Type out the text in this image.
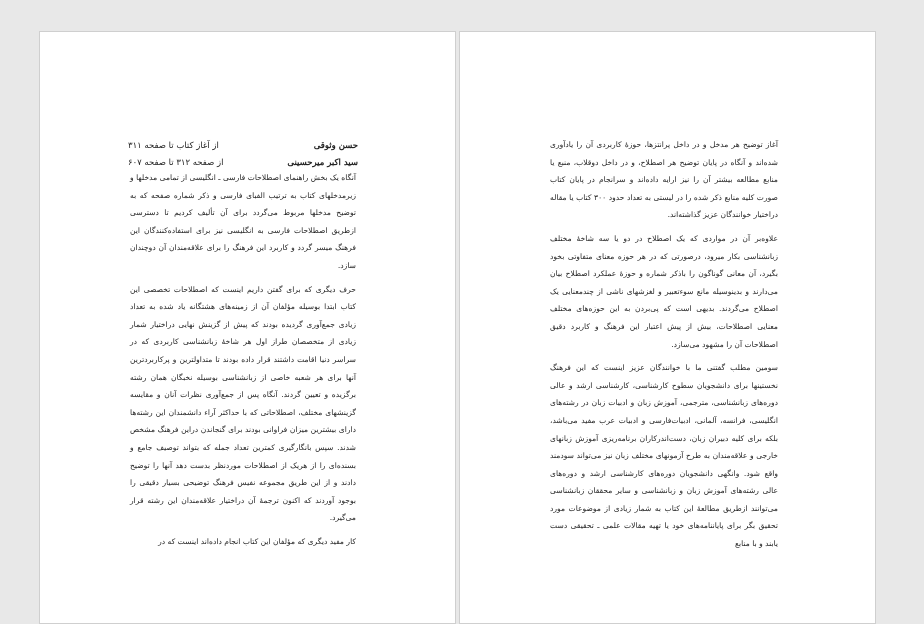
حسن وثوقی
از آغاز کتاب تا صفحه ۳۱۱
سید اکبر میرحسینی
از صفحه ۳۱۲ تا صفحه ۶۰۷

آنگاه یک بخش راهنمای اصطلاحات فارسی ـ انگلیسی از تمامی مدخلها و زیرمدخلهای کتاب به ترتیب الفبای فارسی و ذکر شماره صفحه که به توضیح مدخلها مربوط می‌گردد برای آن تألیف کردیم تا دسترسی ازطریق اصطلاحات فارسی به انگلیسی نیز برای استفاده‌کنندگان این فرهنگ میسر گردد و کاربرد این فرهنگ را برای علاقه‌مندان آن دوچندان سازد.

حرف دیگری که برای گفتن داریم اینست که اصطلاحات تخصصی این کتاب ابتدا بوسیله مؤلفان آن از زمینه‌های هشتگانه یاد شده به تعداد زیادی جمع‌آوری گردیده بودند که پیش از گزینش نهایی دراختیار شمار زیادی از متخصصان طراز اول هر شاخهٔ زبانشناسی کاربردی که در سراسر دنیا اقامت داشتند قرار داده بودند تا متداولترین و پرکاربردترین آنها برای هر شعبه خاصی از زبانشناسی بوسیله نخبگان همان رشته برگزیده و تعیین گردند. آنگاه پس از جمع‌آوری نظرات آنان و مقایسه گزینشهای مختلف، اصطلاحاتی که با حداکثر آراء دانشمندان این رشته‌ها دارای بیشترین میزان فراوانی بودند برای گنجاندن دراین فرهنگ مشخص شدند. سپس بانگارگیری کمترین تعداد جمله که بتواند توصیف جامع و بسنده‌ای را از هریک از اصطلاحات موردنظر بدست دهد آنها را توضیح دادند و از این طریق مجموعه نفیس فرهنگ توضیحی بسیار دقیقی را بوجود آوردند که اکنون ترجمهٔ آن دراختیار علاقه‌مندان این رشته قرار می‌گیرد.

کار مفید دیگری که مؤلفان این کتاب انجام داده‌اند اینست که در

آغاز توضیح هر مدخل و در داخل پرانتزها، حوزهٔ کاربردی آن را یادآوری شده‌اند و آنگاه در پایان توضیح هر اصطلاح، و در داخل دوقلاب، منبع یا منابع مطالعه بیشتر آن را نیز ارایه داده‌اند و سرانجام در پایان کتاب صورت کلیه منابع ذکر شده را در لیستی به تعداد حدود ۳۰۰ کتاب یا مقاله دراختیار خوانندگان عزیز گذاشته‌اند.

علاوه‌بر آن در مواردی که یک اصطلاح در دو یا سه شاخهٔ مختلف زبانشناسی بکار میرود، درصورتی که در هر حوزه معنای متفاوتی بخود بگیرد، آن معانی گوناگون را باذکر شماره و حوزهٔ عملکرد اصطلاح بیان می‌دارند و بدینوسیله مانع سوءتعبیر و لغزشهای ناشی از چندمعنایی یک اصطلاح می‌گردند. بدیهی است که پی‌بردن به این حوزه‌های مختلف معنایی اصطلاحات، بیش از پیش اعتبار این فرهنگ و کاربرد دقیق اصطلاحات آن را مشهود می‌سازد.

سومین مطلب گفتنی ما با خوانندگان عزیز اینست که این فرهنگ نخستینها برای دانشجویان سطوح کارشناسی، کارشناسی ارشد و عالی دوره‌های زبانشناسی، مترجمی، آموزش زبان و ادبیات زبان در رشته‌های انگلیسی، فرانسه، آلمانی، ادبیات‌فارسی و ادبیات عرب مفید می‌باشد، بلکه برای کلیه دبیران زبان، دست‌اندرکاران برنامه‌ریزی آموزش زبانهای خارجی و علاقه‌مندان به طرح آزمونهای مختلف زبان نیز می‌تواند سودمند واقع شود. وانگهی دانشجویان دوره‌های کارشناسی ارشد و دوره‌های عالی رشته‌های آموزش زبان و زبانشناسی و سایر محققان زبانشناسی می‌توانند ازطریق مطالعهٔ این کتاب به شمار زیادی از موضوعات مورد تحقیق بگر برای پایاننامه‌های خود یا تهیه مقالات علمی ـ تحقیقی دست یابند و با منابع
